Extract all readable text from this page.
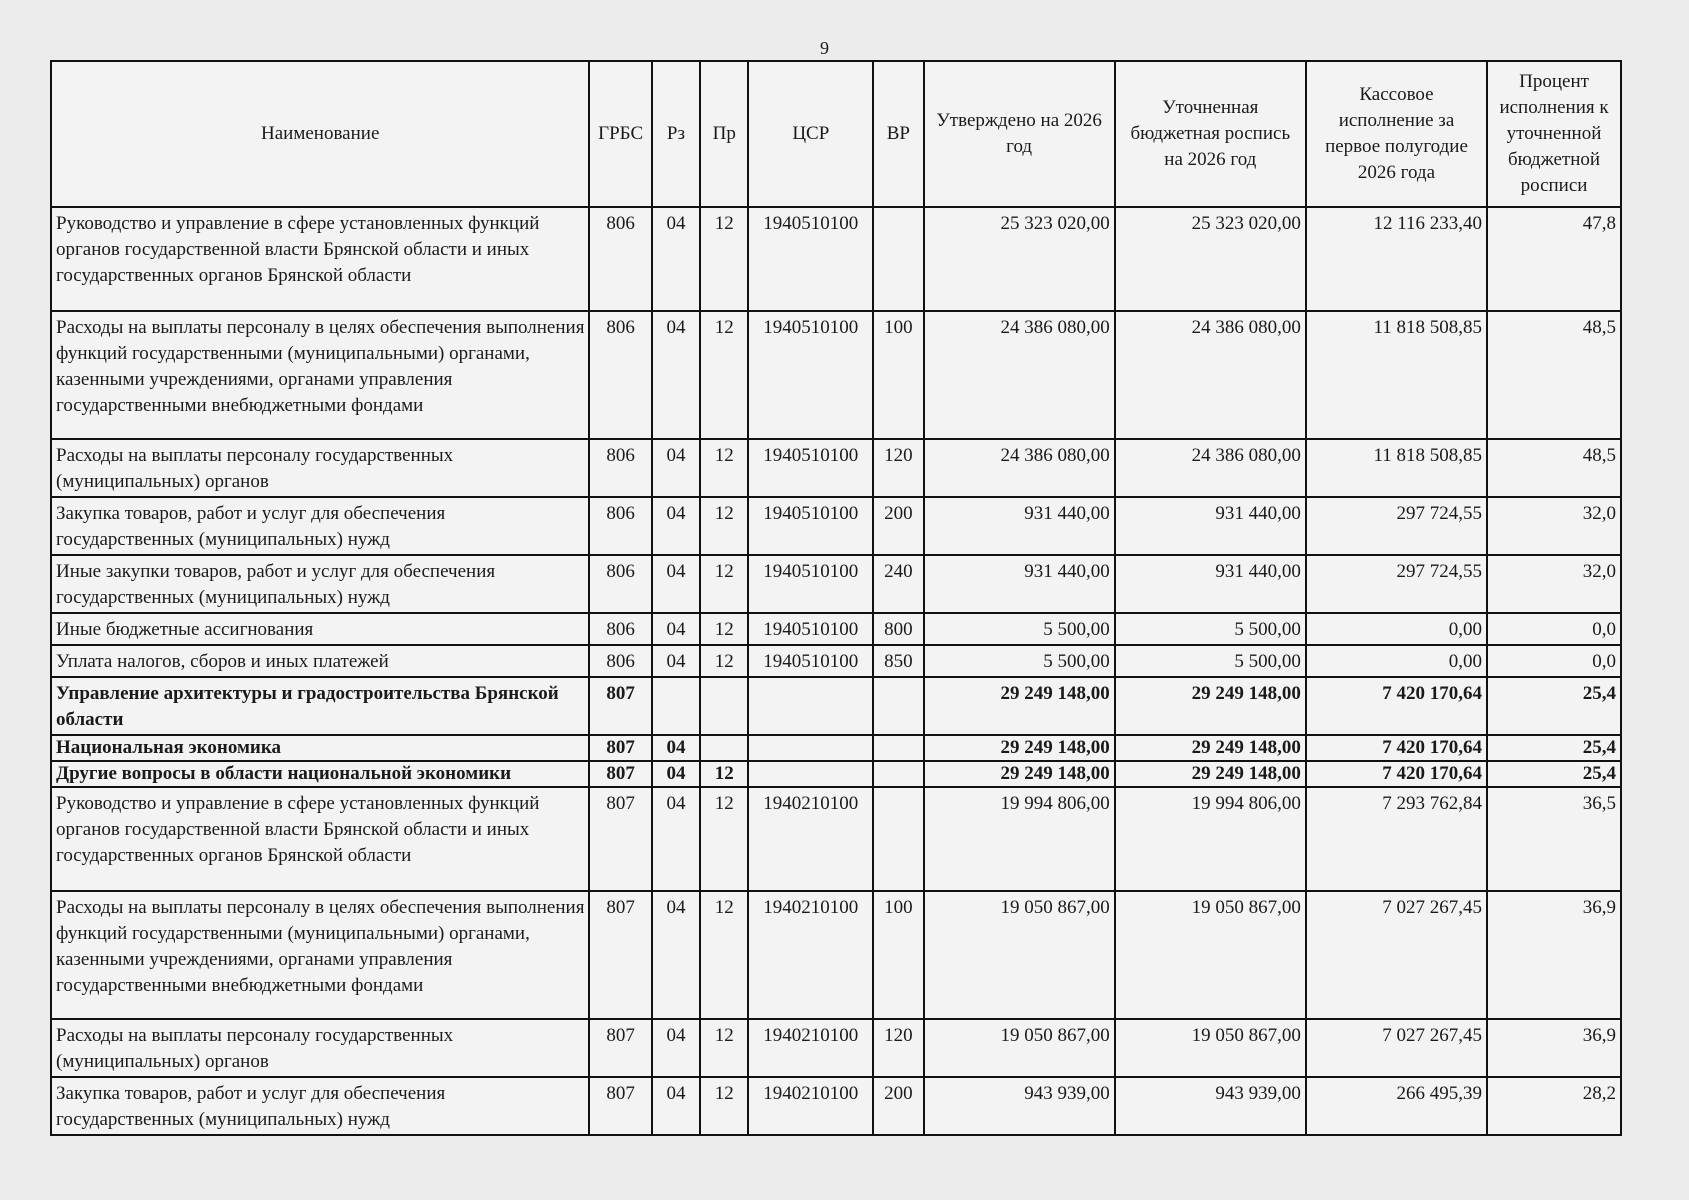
9
Наименование	ГРБС	Рз	Пр	ЦСР	ВР	Утверждено на 2026 год	Уточненная бюджетная роспись на 2026 год	Кассовое исполнение за первое полугодие 2026 года	Процент исполнения к уточненной бюджетной росписи
Руководство и управление в сфере установленных функций органов государственной власти Брянской области и иных государственных органов Брянской области	806	04	12	1940510100		25 323 020,00	25 323 020,00	12 116 233,40	47,8
Расходы на выплаты персоналу в целях обеспечения выполнения функций государственными (муниципальными) органами, казенными учреждениями, органами управления государственными внебюджетными фондами	806	04	12	1940510100	100	24 386 080,00	24 386 080,00	11 818 508,85	48,5
Расходы на выплаты персоналу государственных (муниципальных) органов	806	04	12	1940510100	120	24 386 080,00	24 386 080,00	11 818 508,85	48,5
Закупка товаров, работ и услуг для обеспечения государственных (муниципальных) нужд	806	04	12	1940510100	200	931 440,00	931 440,00	297 724,55	32,0
Иные закупки товаров, работ и услуг для обеспечения государственных (муниципальных) нужд	806	04	12	1940510100	240	931 440,00	931 440,00	297 724,55	32,0
Иные бюджетные ассигнования	806	04	12	1940510100	800	5 500,00	5 500,00	0,00	0,0
Уплата налогов, сборов и иных платежей	806	04	12	1940510100	850	5 500,00	5 500,00	0,00	0,0
Управление архитектуры и градостроительства Брянской области	807					29 249 148,00	29 249 148,00	7 420 170,64	25,4
Национальная экономика	807	04				29 249 148,00	29 249 148,00	7 420 170,64	25,4
Другие вопросы в области национальной экономики	807	04	12			29 249 148,00	29 249 148,00	7 420 170,64	25,4
Руководство и управление в сфере установленных функций органов государственной власти Брянской области и иных государственных органов Брянской области	807	04	12	1940210100		19 994 806,00	19 994 806,00	7 293 762,84	36,5
Расходы на выплаты персоналу в целях обеспечения выполнения функций государственными (муниципальными) органами, казенными учреждениями, органами управления государственными внебюджетными фондами	807	04	12	1940210100	100	19 050 867,00	19 050 867,00	7 027 267,45	36,9
Расходы на выплаты персоналу государственных (муниципальных) органов	807	04	12	1940210100	120	19 050 867,00	19 050 867,00	7 027 267,45	36,9
Закупка товаров, работ и услуг для обеспечения государственных (муниципальных) нужд	807	04	12	1940210100	200	943 939,00	943 939,00	266 495,39	28,2
